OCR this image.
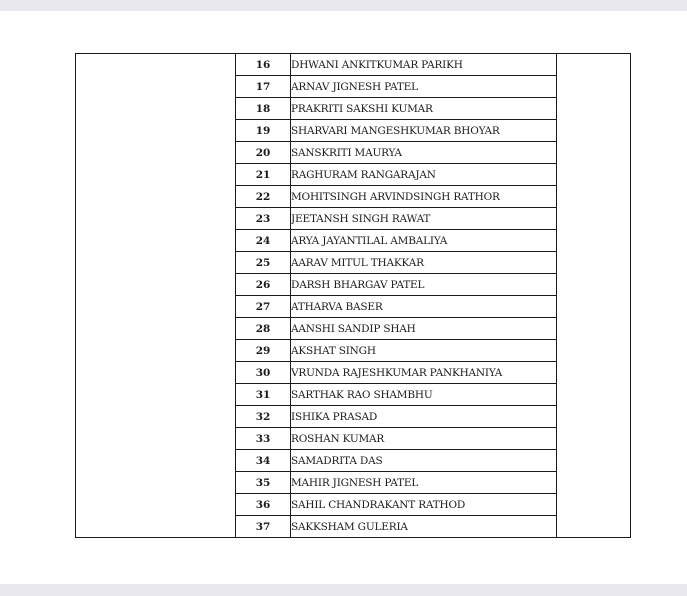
	16	DHWANI ANKITKUMAR PARIKH	
	17	ARNAV JIGNESH PATEL	
	18	PRAKRITI SAKSHI KUMAR	
	19	SHARVARI MANGESHKUMAR BHOYAR	
	20	SANSKRITI MAURYA	
	21	RAGHURAM RANGARAJAN	
	22	MOHITSINGH ARVINDSINGH RATHOR	
	23	JEETANSH SINGH RAWAT	
	24	ARYA JAYANTILAL AMBALIYA	
	25	AARAV MITUL THAKKAR	
	26	DARSH BHARGAV PATEL	
	27	ATHARVA BASER	
	28	AANSHI SANDIP SHAH	
	29	AKSHAT SINGH	
	30	VRUNDA RAJESHKUMAR PANKHANIYA	
	31	SARTHAK RAO SHAMBHU	
	32	ISHIKA PRASAD	
	33	ROSHAN KUMAR	
	34	SAMADRITA DAS	
	35	MAHIR JIGNESH PATEL	
	36	SAHIL CHANDRAKANT RATHOD	
	37	SAKKSHAM GULERIA	
